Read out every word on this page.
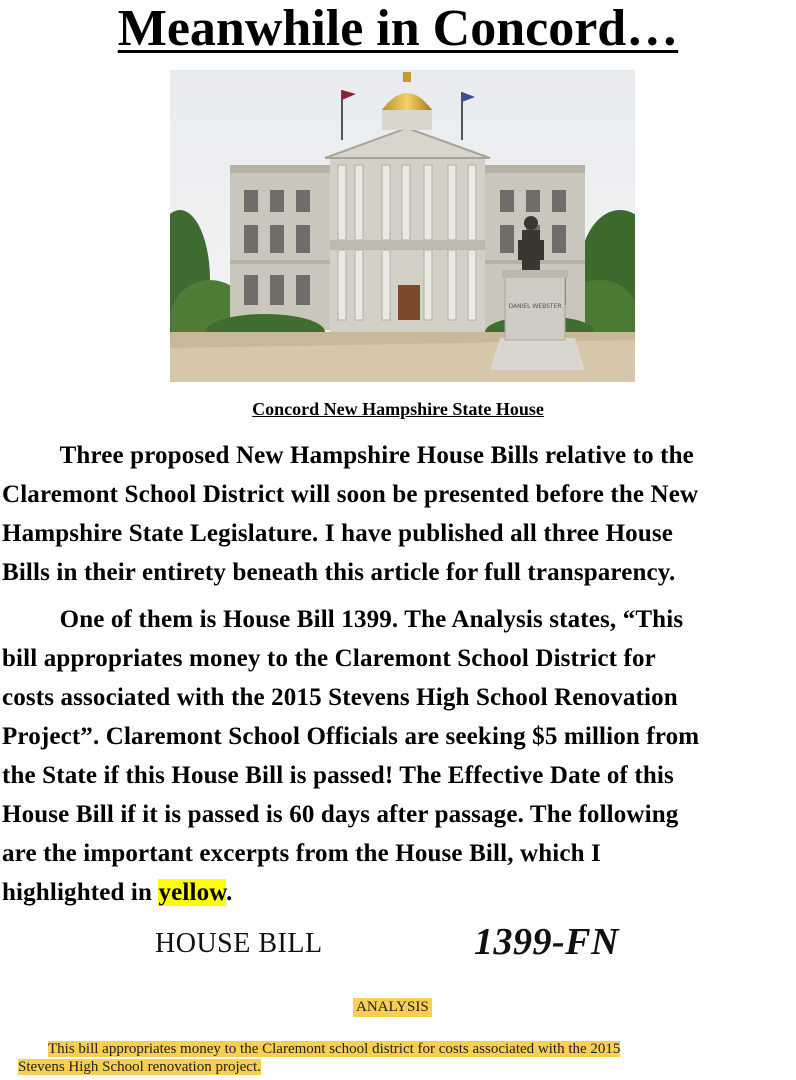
Meanwhile in Concord…
DANIEL WEBSTER
Concord New Hampshire State House

Three proposed New Hampshire House Bills relative to the
Claremont School District will soon be presented before the New
Hampshire State Legislature. I have published all three House
Bills in their entirety beneath this article for full transparency.

One of them is House Bill 1399. The Analysis states, “This
bill appropriates money to the Claremont School District for
costs associated with the 2015 Stevens High School Renovation
Project”. Claremont School Officials are seeking $5 million from
the State if this House Bill is passed! The Effective Date of this
House Bill if it is passed is 60 days after passage. The following
are the important excerpts from the House Bill, which I
highlighted in yellow.

HOUSE BILL	1399-FN
ANALYSIS

This bill appropriates money to the Claremont school district for costs associated with the 2015
Stevens High School renovation project.
